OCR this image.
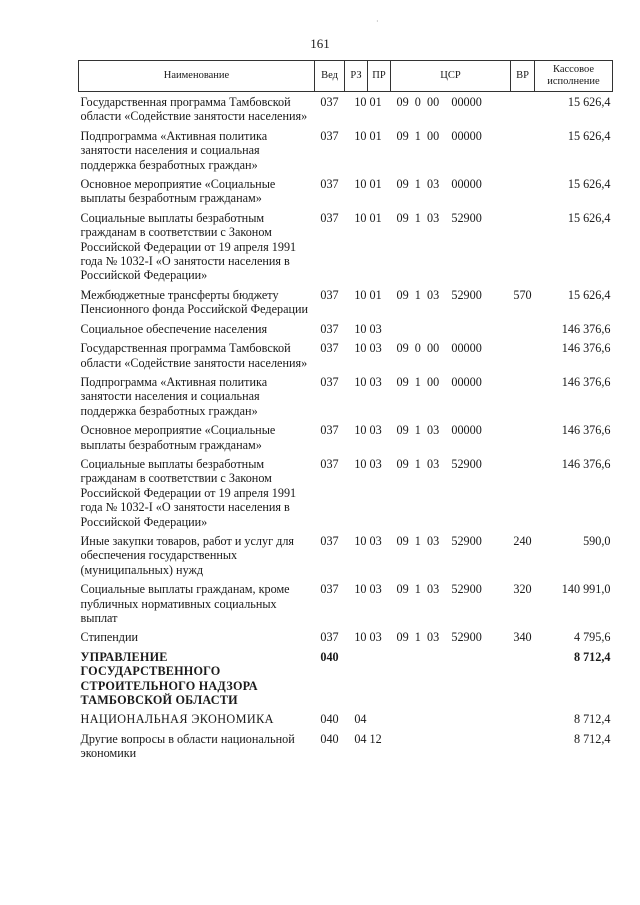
·
161
Наименование	Вед	РЗ	ПР	ЦСР	ВР	Кассовое исполнение
Государственная программа Тамбовской области «Содействие занятости населения»	037	10	01	09  0  00    00000		15 626,4
Подпрограмма «Активная политика занятости населения и социальная поддержка безработных граждан»	037	10	01	09  1  00    00000		15 626,4
Основное мероприятие «Социальные выплаты безработным гражданам»	037	10	01	09  1  03    00000		15 626,4
Социальные выплаты безработным гражданам в соответствии с Законом Российской Федерации от 19 апреля 1991 года № 1032-I «О занятости населения в Российской Федерации»	037	10	01	09  1  03    52900		15 626,4
Межбюджетные трансферты бюджету Пенсионного фонда Российской Федерации	037	10	01	09  1  03    52900	570	15 626,4
Социальное обеспечение населения	037	10	03			146 376,6
Государственная программа Тамбовской области «Содействие занятости населения»	037	10	03	09  0  00    00000		146 376,6
Подпрограмма «Активная политика занятости населения и социальная поддержка безработных граждан»	037	10	03	09  1  00    00000		146 376,6
Основное мероприятие «Социальные выплаты безработным гражданам»	037	10	03	09  1  03    00000		146 376,6
Социальные выплаты безработным гражданам в соответствии с Законом Российской Федерации от 19 апреля 1991 года № 1032-I «О занятости населения в Российской Федерации»	037	10	03	09  1  03    52900		146 376,6
Иные закупки товаров, работ и услуг для обеспечения государственных (муниципальных) нужд	037	10	03	09  1  03    52900	240	590,0
Социальные выплаты гражданам, кроме публичных нормативных социальных выплат	037	10	03	09  1  03    52900	320	140 991,0
Стипендии	037	10	03	09  1  03    52900	340	4 795,6
УПРАВЛЕНИЕ ГОСУДАРСТВЕННОГО СТРОИТЕЛЬНОГО НАДЗОРА ТАМБОВСКОЙ ОБЛАСТИ	040					8 712,4
НАЦИОНАЛЬНАЯ ЭКОНОМИКА	040	04				8 712,4
Другие вопросы в области национальной экономики	040	04	12			8 712,4
